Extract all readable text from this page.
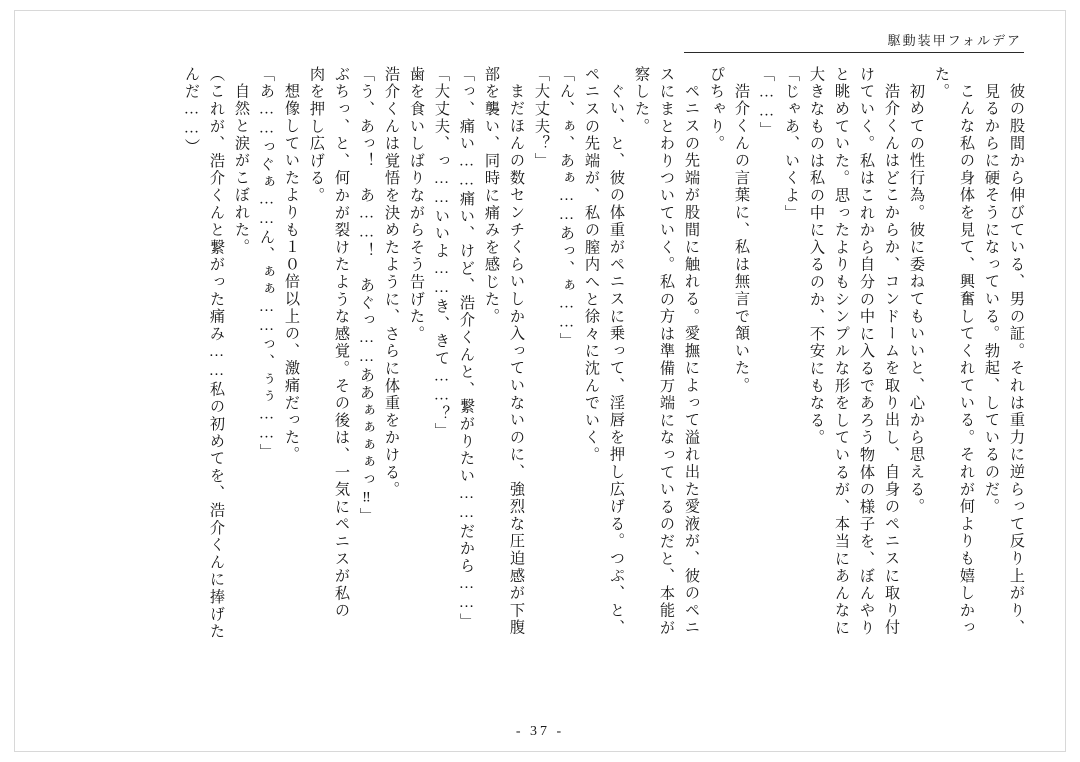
駆動装甲フォルデア
彼の股間から伸びている、男の証。それは重力に逆らって反り上がり、
見るからに硬そうになっている。勃起、しているのだ。
こんな私の身体を見て、興奮してくれている。それが何よりも嬉しかっ
た。
初めての性行為。彼に委ねてもいいと、心から思える。
浩介くんはどこからか、コンドームを取り出し、自身のペニスに取り付
けていく。私はこれから自分の中に入るであろう物体の様子を、ぼんやり
と眺めていた。思ったよりもシンプルな形をしているが、本当にあんなに
大きなものは私の中に入るのか、不安にもなる。
「じゃあ、いくよ」
「……」
浩介くんの言葉に、私は無言で頷いた。
ぴちゃり。
ペニスの先端が股間に触れる。愛撫によって溢れ出た愛液が、彼のペニ
スにまとわりついていく。私の方は準備万端になっているのだと、本能が
察した。
ぐい、と、彼の体重がペニスに乗って、淫唇を押し広げる。つぷ、と、
ペニスの先端が、私の膣内へと徐々に沈んでいく。
「ん、ぁ、あぁ……あっ、ぁ……」
「大丈夫？」
まだほんの数センチくらいしか入っていないのに、強烈な圧迫感が下腹
部を襲い、同時に痛みを感じた。
「っ、痛い……痛い、けど、浩介くんと、繋がりたい……だから……」
「大丈夫、っ……いいよ……き、きて……？」
歯を食いしばりながらそう告げた。
浩介くんは覚悟を決めたように、さらに体重をかける。
「う、あっ！　あ……！　あぐっ……ああぁぁぁぁっ‼」
ぶちっ、と、何かが裂けたような感覚。その後は、一気にペニスが私の
肉を押し広げる。
想像していたよりも１０倍以上の、激痛だった。
「あ……っぐぁ……ん、ぁぁ……っ、ぅぅ……」
自然と涙がこぼれた。
（これが、浩介くんと繋がった痛み……私の初めてを、浩介くんに捧げた
んだ……）
- 37 -
